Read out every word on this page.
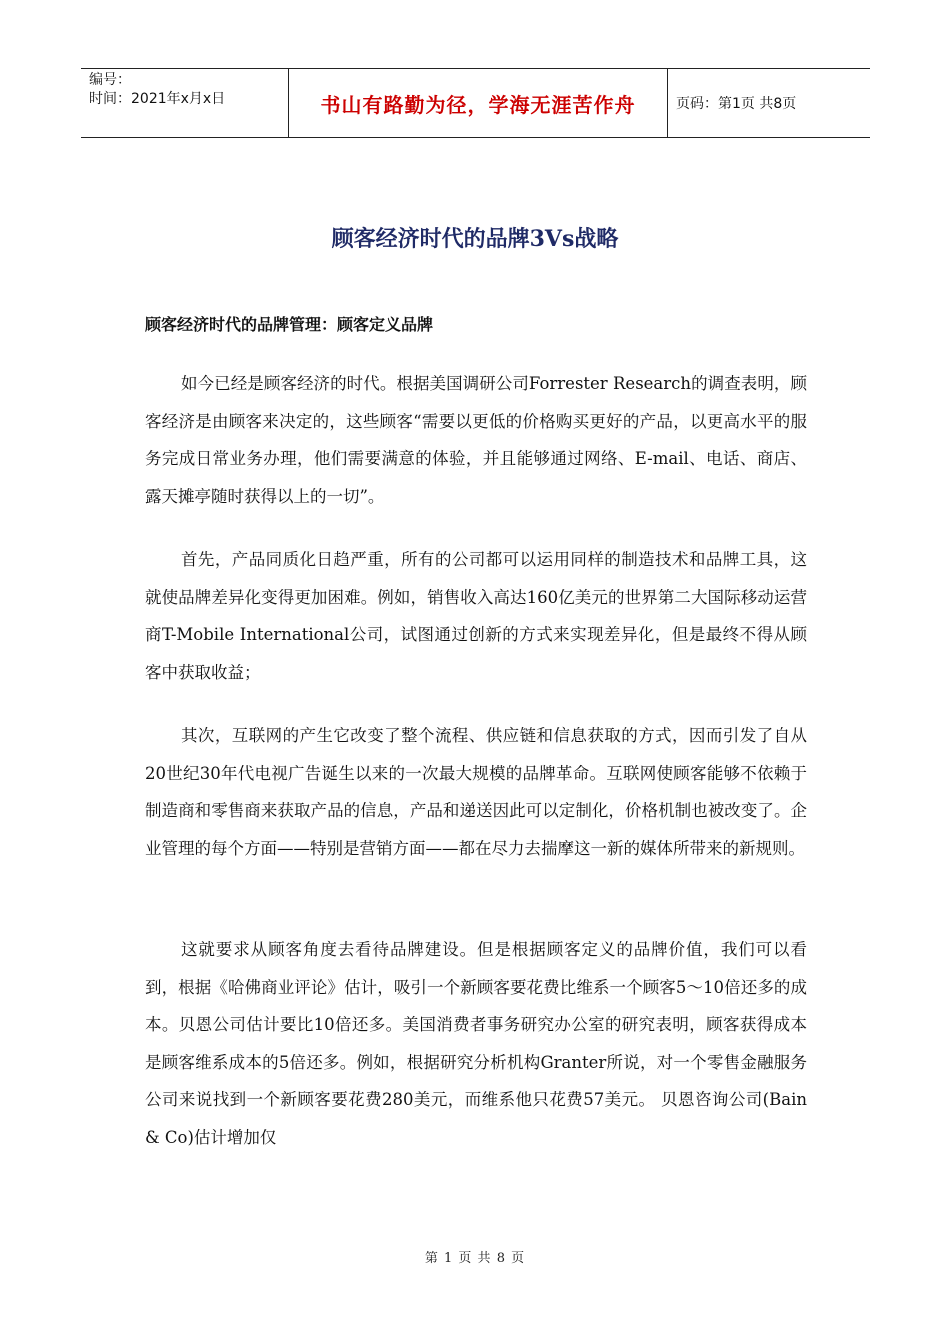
编号：
时间：2021年x月x日	书山有路勤为径，学海无涯苦作舟	页码：第1页 共8页
顾客经济时代的品牌3Vs战略
顾客经济时代的品牌管理：顾客定义品牌

如今已经是顾客经济的时代。根据美国调研公司Forrester Research的调查表明，顾客经济是由顾客来决定的，这些顾客“需要以更低的价格购买更好的产品，以更高水平的服务完成日常业务办理，他们需要满意的体验，并且能够通过网络、E-mail、电话、商店、露天摊亭随时获得以上的一切”。

首先，产品同质化日趋严重，所有的公司都可以运用同样的制造技术和品牌工具，这就使品牌差异化变得更加困难。例如，销售收入高达160亿美元的世界第二大国际移动运营商T-Mobile International公司，试图通过创新的方式来实现差异化，但是最终不得从顾客中获取收益；

其次，互联网的产生它改变了整个流程、供应链和信息获取的方式，因而引发了自从20世纪30年代电视广告诞生以来的一次最大规模的品牌革命。互联网使顾客能够不依赖于制造商和零售商来获取产品的信息，产品和递送因此可以定制化，价格机制也被改变了。企业管理的每个方面——特别是营销方面——都在尽力去揣摩这一新的媒体所带来的新规则。

这就要求从顾客角度去看待品牌建设。但是根据顾客定义的品牌价值，我们可以看到，根据《哈佛商业评论》估计，吸引一个新顾客要花费比维系一个顾客5～10倍还多的成本。贝恩公司估计要比10倍还多。美国消费者事务研究办公室的研究表明，顾客获得成本是顾客维系成本的5倍还多。例如，根据研究分析机构Granter所说，对一个零售金融服务公司来说找到一个新顾客要花费280美元，而维系他只花费57美元。 贝恩咨询公司(Bain & Co)估计增加仅

第 1 页 共 8 页
